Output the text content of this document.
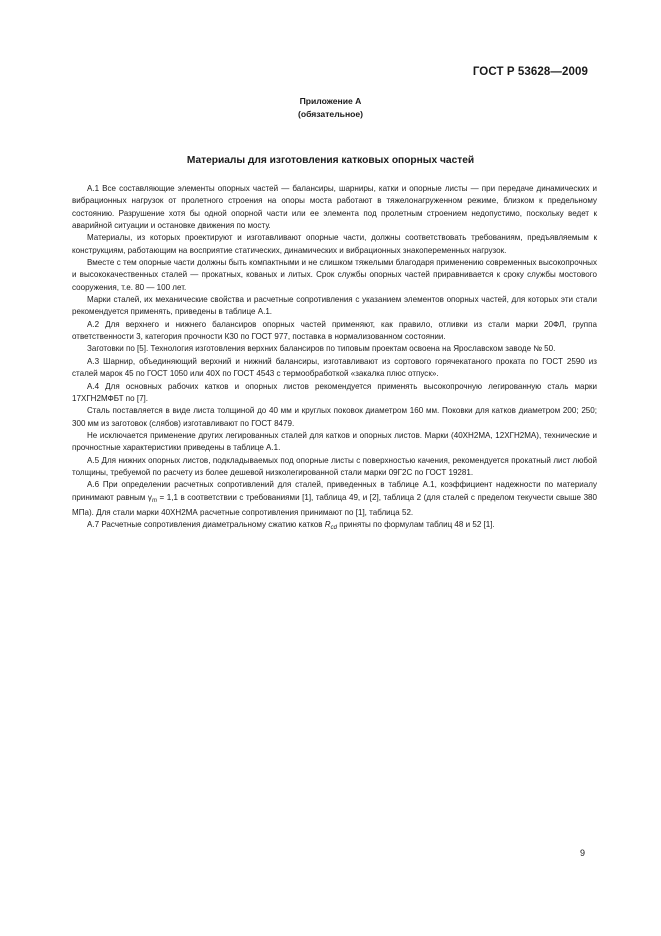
ГОСТ Р 53628—2009
Приложение А
(обязательное)
Материалы для изготовления катковых опорных частей

А.1 Все составляющие элементы опорных частей — балансиры, шарниры, катки и опорные листы — при передаче динамических и вибрационных нагрузок от пролетного строения на опоры моста работают в тяжелонагруженном режиме, близком к предельному состоянию. Разрушение хотя бы одной опорной части или ее элемента под пролетным строением недопустимо, поскольку ведет к аварийной ситуации и остановке движения по мосту.

Материалы, из которых проектируют и изготавливают опорные части, должны соответствовать требованиям, предъявляемым к конструкциям, работающим на восприятие статических, динамических и вибрационных знакопеременных нагрузок.

Вместе с тем опорные части должны быть компактными и не слишком тяжелыми благодаря применению современных высокопрочных и высококачественных сталей — прокатных, кованых и литых. Срок службы опорных частей приравнивается к сроку службы мостового сооружения, т.е. 80 — 100 лет.

Марки сталей, их механические свойства и расчетные сопротивления с указанием элементов опорных частей, для которых эти стали рекомендуется применять, приведены в таблице А.1.

А.2 Для верхнего и нижнего балансиров опорных частей применяют, как правило, отливки из стали марки 20ФЛ, группа ответственности 3, категория прочности К30 по ГОСТ 977, поставка в нормализованном состоянии.

Заготовки по [5]. Технология изготовления верхних балансиров по типовым проектам освоена на Ярославском заводе № 50.

А.3 Шарнир, объединяющий верхний и нижний балансиры, изготавливают из сортового горячекатаного проката по ГОСТ 2590 из сталей марок 45 по ГОСТ 1050 или 40Х по ГОСТ 4543 с термообработкой «закалка плюс отпуск».

А.4 Для основных рабочих катков и опорных листов рекомендуется применять высокопрочную легированную сталь марки 17ХГН2МФБТ по [7].

Сталь поставляется в виде листа толщиной до 40 мм и круглых поковок диаметром 160 мм. Поковки для катков диаметром 200; 250; 300 мм из заготовок (слябов) изготавливают по ГОСТ 8479.

Не исключается применение других легированных сталей для катков и опорных листов. Марки (40ХН2МА, 12ХГН2МА), технические и прочностные характеристики приведены в таблице А.1.

А.5 Для нижних опорных листов, подкладываемых под опорные листы с поверхностью качения, рекомендуется прокатный лист любой толщины, требуемой по расчету из более дешевой низколегированной стали марки 09Г2С по ГОСТ 19281.

А.6 При определении расчетных сопротивлений для сталей, приведенных в таблице А.1, коэффициент надежности по материалу принимают равным $\gamma_m = 1,1$ в соответствии с требованиями [1], таблица 49, и [2], таблица 2 (для сталей с пределом текучести свыше 380 МПа). Для стали марки 40ХН2МА расчетные сопротивления принимают по [1], таблица 52.

А.7 Расчетные сопротивления диаметральному сжатию катков $R_{cd}$ приняты по формулам таблиц 48 и 52 [1].

9
